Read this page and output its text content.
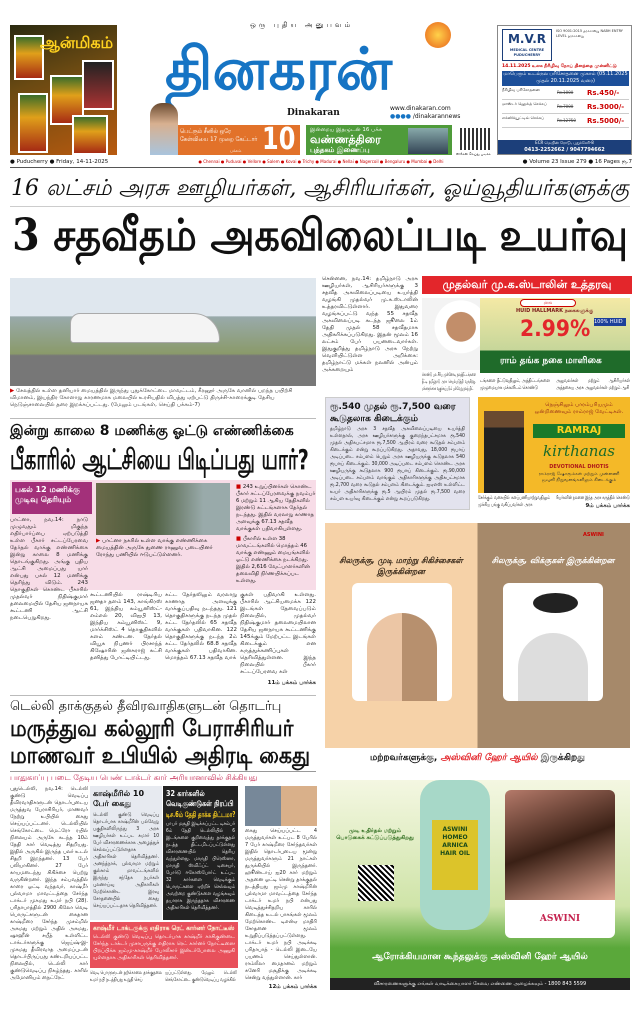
ஆன்மிகம்
ஒரு புதிய அனுபவம்
தினகரன்
Dinakaran	www.dinakaran.com
●●●● /dinakarannews
பெட்ரும் சீனில் ஒரே கேள்வியை 17 முறை கேட்டார் 10
பக்கம்
இன்றைய இதழுடன் 16 பக்க
வண்ணத்திரை
புத்தகம் இணைப்பு	ஸ்கேன் செய்து படிக்க
M.V.R
MEDICAL CENTRE PUDUCHERRY
ISO 9001:2015 தரச்சான்று NABH ENTRY LEVEL தரச்சான்று
14.11.2025 உலக நீரிழிவு நோய் தினத்தை முன்னிட்டு
மாபெரும் உடல்நல பரிசோதனை முகாம் (05.11.2025 முதல் 20.11.2025 வரை)
நீரிழிவு பரிசோதனை
Rs.1000	Rs.450/-
மாஸ்டர் ஹெல்த் செக்கப்
Rs.7000	Rs.3000/-
எக்ஸிக்யூட்டிவ் செக்கப்
Rs.12750	Rs.5000/-
ECR மெயின் ரோடு, புதுச்சேரி-8
0413-2252662 / 9047794662
● Puducherry ● Friday, 14-11-2025	● Chennai ● Puduvai ● Vellore ● Salem ● Kovai ● Trichy ● Madurai ● Nellai ● Nagercoil ● Bengaluru ● Mumbai ● Delhi	● Volume 23 Issue 279 ● 16 Pages ரூ.7
16 லட்சம் அரசு ஊழியர்கள், ஆசிரியர்கள், ஓய்வூதியர்களுக்கு
3 சதவீதம் அகவிலைப்படி உயர்வு
▶ சேலத்தில் உள்ள தனியார் மையத்தில் இருந்து புதுக்கோட்டை மாவட்டம், கீரனூர் அருகே வானில் பறந்த பயிற்சி விமானம், இயந்திர கோளாறு காரணமாக மலையில் உரசியதில் விபத்து ஏற்பட்டு திருச்சி-காரைக்குடி தேசிய நெடுஞ்சாலையில் தரை இறக்கப்பட்டது. (மேலும் படங்கள், செய்தி பக்கம்-7)
சென்னை, நவ.14: தமிழ்நாடு அரசு ஊழியர்கள், ஆசிரியர்களுக்கு 3 சதவீத அகவிலைப்படியை உயர்த்தி வழங்கி முதல்வர் மு.க.ஸ்டாலின் உத்தரவிட்டுள்ளார். இதுவரை வழங்கப்பட்டு வந்த 55 சதவீத அகவிலைப்படி கடந்த ஜூலை 1ம் தேதி முதல் 58 சதவீதமாக அதிகரிக்கப்படுகிறது. இதன் மூலம் 16 லட்சம் பேர் பயனடைவார்கள். இதுகுறித்து தமிழ்நாடு அரசு நேற்று வெளியிட்டுள்ள அறிக்கை: தமிழ்நாட்டு மக்கள் நலனில் அன்பும் அக்கறையும்
முதல்வர் மு.க.ஸ்டாலின் உத்தரவு
கொண்டு பல சீரிய முன்னோடி நலத்திட்டங்களை தீட்டி தமிழ்நாடு அரசு செயல்படுத்தி வருகிறது. மக்களுக்காக வகுக்கப்படும் பல்வேறு நலத் திட்
அன்னாசு சாலை
HUID HALLMARK நகைகளுக்கு
2.99% 100% HUID
ராம் தங்க நகை மாளிகை
டங்களை தீட்டுவதிலும், அத்திட்டங்களை முழுமையாக மக்களிடம் கொண்டு
அலுவலர்கள் மற்றும் ஆசிரியர்கள் அத்தகைய அரசு அலுவலர்கள் மற்றும் ஆசி
ரூ.540 முதல் ரூ.7,500 வரை கூடுதலாக கிடைக்கும்
தமிழ்நாடு அரசு 3 சதவீத அகவிலைப்படியை உயர்த்தி உள்ளதால், அரசு ஊழியர்களுக்கு குறைந்தபட்சமாக ரூ.540 முதல் அதிகபட்சமாக ரூ.7,500 ஆயிரம் வரை கூடுதல் சம்பளம் கிடைக்கும் என்று கூறப்படுகிறது. அதாவது, 18,000 ரூபாய் அடிப்படை சம்பளம் பெறும் அரசு ஊழியருக்கு கூடுதலாக 540 ரூபாய் கிடைக்கும். 30,000 அடிப்படை சம்பளம் கொண்ட அரசு ஊழியருக்கு கூடுதலாக 900 ரூபாய் கிடைக்கும். ரூ.90,000 அடிப்படை சம்பளம் வாங்கும் அதிகாரிகளுக்கு அதிகபட்சமாக ரூ.2,700 வரை கூடுதல் சம்பளம் கிடைக்கும். ஐஏஎஸ் உள்ளிட்ட உயர் அதிகாரிகளுக்கு ரூ.5 ஆயிரம் முதல் ரூ.7,500 வரை சம்பள உயர்வு கிடைக்கும் என்று கூறப்படுகிறது.
நெஞ்சிலும் பாரம்பரியமும் ஒன்றிணைவும் ராம்ராஜ் வேட்டிகள்.
RAMRAJ
kirthanas
DEVOTIONAL DHOTIS
ராம்ராஜ் ஷோரூம்கள் மற்றும் முன்னணி ஜவுளி நிறுவனங்களிலும் கிடைக்கும்
சேர்க்கும் வகையில் களப்பணியாற்றுவதிலும் முக்கிய பங்கு வகிப்பவர்கள் அரசு
ரியர்களின் நலனை இந்த அரசு கருத்தில் கொண்டு
9ம் பக்கம் பார்க்க
இன்று காலை 8 மணிக்கு ஓட்டு எண்ணிக்கை
பீகாரில் ஆட்சியை பிடிப்பது யார்?
பகல் 12 மணிக்கு முடிவு தெரியும்
▶ பாட்னா நகரில் உள்ள வாக்கு எண்ணிக்கை மையத்தின் அருகே துணை ராணுவ படையினர் ரோந்து பணியில் ஈடுபட்டுள்ளனர்.

■ 243 உறுப்பினர்கள் கொண்ட பீகார் சட்டப்பேரவைக்கு நவம்பர் 6 மற்றும் 11 ஆகிய தேதிகளில் இரண்டு கட்டங்களாக தேர்தல் நடந்தது. இதில் வரலாறு காணாத அளவுக்கு 67.13 சதவீத வாக்குகள் பதிவாகியுள்ளது.

■ பீகாரில் உள்ள 38 மாவட்டங்களில் மொத்தம் 46 வாக்கு எண்ணும் மையங்களில் ஓட்டு எண்ணிக்கை நடக்கிறது. இதில் 2,616 வேட்பாளர்களின் தலைவிதி நிர்ணயிக்கப்பட உள்ளது.

பாட்னா, நவ.14: நாடு முழுவதும் மிகுந்த எதிர்பார்ப்பை ஏற்படுத்தி உள்ள பீகார் சட்டப்பேரவை தேர்தல் வாக்கு எண்ணிக்கை இன்று காலை 8 மணிக்கு தொடங்குகிறது. அங்கு புதிய ஆட்சி அமைப்பது யார் என்பது பகல் 12 மணிக்கு தெரிந்து விடும். 243 தொகுதிகள் கொண்ட பீகாரில் முதல்வர் நிதிஷ்குமார் தலைமையில் தேசிய ஜனநாயக கூட்டணி ஆட்சி நடைபெறுகிறது.
கூட்டணியில் ராஷ்டிரிய ஜனதா தளம் 143, காங்கிரஸ் 61, இந்திய கம்யூனிஸ்ட்-எம்எல் 20, விஐபி 13, இந்திய கம்யூனிஸ்ட் 9, மார்க்சிஸ்ட் 4 தொகுதிகளில் களம் கண்டன. தேர்தல் வியூக நிபுணர் பிரசாந்த் கிஷோரின் ஜன்சுராஜ் கட்சி தனித்து போட்டியிட்டது.
கட்ட தேர்தலிலும் வரலாறு காணாத அளவுக்கு வாக்குப்பதிவு நடந்தது. 121 தொகுதிகளுக்கு நடந்த முதல் கட்ட தேர்தலில் 65 சதவீத வாக்குகள் பதிவாகின. 122 தொகுதிகளுக்கு நடந்த 2ம் கட்ட தேர்தலில் 68.8 சதவீத வாக்குகள் பதிவாகின. மொத்தம் 67.13 சதவீத வாக்
குகள் பதிவாகி உள்ளது. பீகாரில் ஆட்சியமைக்க 122 இடங்கள் தேவைப்படும் நிலையில், முதல்வர் நிதிஷ்குமார் தலைமையிலான தேசிய ஜனநாயக கூட்டணிக்கு 145க்கும் மேற்பட்ட இடங்கள் கிடைக்கும் என கருத்துக்கணிப்புகள் தெரிவித்துள்ளன. இந்த நிலையில் பீகார் சட்டப்பேரவை கள்
11ம் பக்கம் பார்க்க
டெல்லி தாக்குதல் தீவிரவாதிகளுடன் தொடர்பு
மருத்துவ கல்லூரி பேராசிரியர் மாணவர் உபியில் அதிரடி கைது
பாதுகாப்பு படை தேடிய பெண் டாக்டர் கார் அரியானாவில் சிக்கியது
புதுடெல்லி, நவ.14: டெல்லி குண்டு வெடிப்பு தீவிரவாதிகளுடன் தொடர்புடைய மருத்துவ பேராசிரியர், மாணவர் நேற்று உபியில் கைது செய்யப்பட்டனர். டெல்லியில் செங்கோட்டை மெட்ரோ ரயில் நிலையம் அருகே கடந்த 10ம் தேதி கார் வெடித்து சிதறியது. இதில் அருகில் இருந்த பலர் உடல் சிதறி இறந்தனர். 13 பேர் பலியாகினர். 27 பேர் காயமடைந்து சிகிச்சை பெற்று வருகின்றனர். இந்த சம்பவத்தில் காரை ஓட்டி வந்தவர், காஷ்மீர் புல்வாமா மாவட்டத்தை சேர்ந்த டாக்டர் முகமது உமர் நபி (28). பரிதாபாத்தில் 2900 கிலோ வெடி பொருட்களுடன் கைதான காஷ்மீரை சேர்ந்த முசம்மில் அகமது மற்றும் அதில் அகமது, ஷாஹீன் சயீத் உள்ளிட்ட டாக்டர்களுக்கு ஜெய்ஷ்-இ-முகமது தீவிரவாத அமைப்புடன் தொடர்பிருப்பது கண்டறியப்பட்ட நிலையில், டெல்லி கார் குண்டுவெடிப்பு நிகழ்ந்தது. காரில் அமோனியம் நைட்ரேட்
காஷ்மீரில் 10 பேர் கைது
டெல்லி குண்டு வெடிப்பு தொடர்பாக காஷ்மீரின் பல்வேறு பகுதிகளிலிருந்து 3 அரசு ஊழியர்கள் உட்பட சுமார் 10 பேர் விசாரணைக்காக அழைத்துச் செல்லப்பட்டுள்ளதாக அதிகாரிகள் தெரிவித்தனர். அனந்த்நாக், புல்வாமா மற்றும் குல்காம் மாவட்டங்களில் இருந்து சந்தேக நபர்கள் புலனாய்வு அதிகாரிகள் மேற்கொண்ட இரவு சோதனையில் கைது செய்யப்பட்டதாக தெரிவித்தனர்.
32 கார்களில் வெடிகுண்டுகள் நிரப்பி
டிச.6ம் தேதி தாக்க திட்டமா?
பாபர் மசூதி இடிக்கப்பட்ட டிசம்பர் 6ம் தேதி டெல்லியில் 6 இடங்களை குறிவைத்து தாக்குதல் நடத்த திட்டமிடப்பட்டுள்ளது விசாரணையில் தெரிய வந்துள்ளது. மாருதி பிரெஸ்ஸா, மாருதி ஸ்விஃப்ட் டிசையர், போர்டு ஈகோஸ்போர்ட் உட்பட 32 கார்களை வெடிக்கும் பொருட்களை ஏற்றிச் செல்லவும் அவற்றை குண்டுகளை வழங்கவும் தயாராக இருந்ததாக விசாரணை அதிகாரிகள் தெரிவித்தனர்.
காஷ்மீர் டாக்டருக்கு எதிராக ரெட் கார்னர் நோட்டீஸ்
டெல்லி குண்டு வெடிப்பு தொடர்பாக காஷ்மீர் காசிகுண்டை சேர்ந்த டாக்டர் முசாபருக்கு எதிராக ரெட் கார்னர் நோட்டீஸை பிறப்பிக்க ஜம்மு-காஷ்மீர் போலீசார் இன்டர்போலை அணுகி யுள்ளதாக அதிகாரிகள் தெரிவித்தனர்.
வெடி பொருளுடன் தற்கொலை தாக்குதலை உமர் நபி நடத்தியது உறுதி செய்
யப்பட்டுள்ளது. மேலும் டெல்லி செங்கோட்டை குண்டுவெடிப்பு வழக்கில்
கைது செய்யப்பட்ட 4 மருத்துவர்கள் உட்பட 8 பேரில் 7 பேர் காஷ்மீரை சேர்ந்தவர்கள் இதில் தொடர்புடைய மூன்று மருத்துவர்களும் 21 நாட்கள் துருக்கியில் இருந்தனர். ஹூண்டாய் ஐ20 கார் மற்றும் அதனை ஓட்டி சென்று தாக்குதல் நடத்தியது ஜம்மு காஷ்மீரின் புல்வாமா மாவட்டத்தை சேர்ந்த டாக்டர் உமர் நபி என்பது வெடித்துச்சிதறிய காரில் கிடைத்த உடல் பாகங்கள் மூலம் மேற்கொண்ட டிஎன்ஏ மாதிரி சோதனை மூலம் உறுதிப்படுத்தப்பட்டுள்ளது. டாக்டர் உமர் நபி அடிக்கடி பரிதாபாத் - டெல்லி இடையே பயணம் செய்துள்ளான். ராம்லீலா மைதானம் மற்றும் சுனேரி மசூதிக்கு அடிக்கடி சென்று வந்துள்ளான். கார்
12ம் பக்கம் பார்க்க
ASWINI
சிலருக்கு, முடி மாற்று சிகிச்சைகள் இருக்கின்றன
சிலருக்கு, விக்குகள் இருக்கின்றன
மற்றவர்களுக்கு, அஸ்வினி ஹேர் ஆயில் இருக்கிறது
முடி உதிர்தல் மற்றும் பொடுகைக் கட்டுப்படுத்துகிறது
ASWINI HOMEO ARNICA HAIR OIL
ASWINI
ஆரோக்கியமான கூந்தலுக்கு அஸ்வினி ஹேர் ஆயில்
விசாரணைகளுக்கு எங்கள் வாடிக்கையாளர் சேவை எண்ணை அழைக்கவும் - 1800 843 5599
